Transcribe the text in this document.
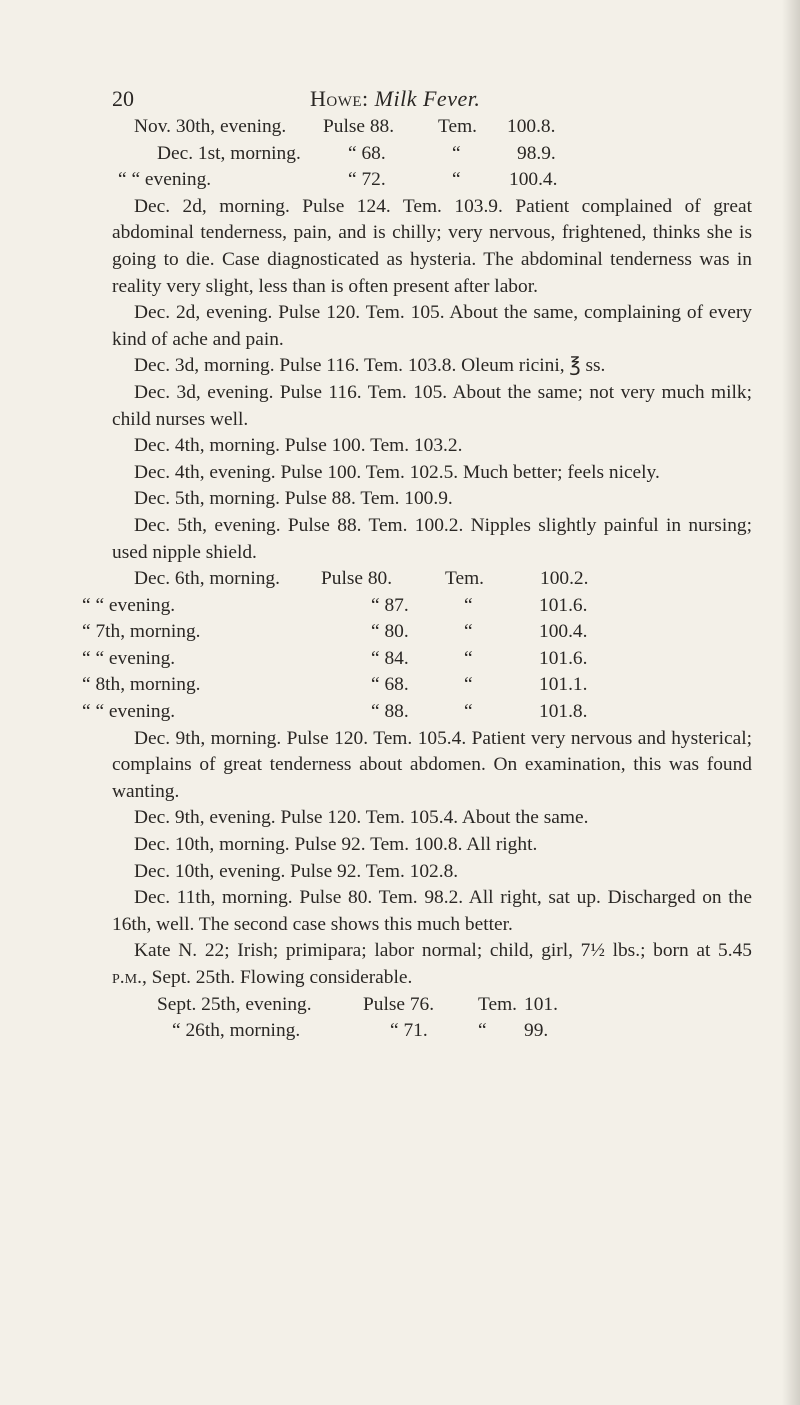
20	Howe: Milk Fever.
Nov. 30th, evening. Pulse 88. Tem. 100.8.
Dec. 1st, morning. “ 68.	“	98.9.
“ “ evening.	“ 72.	“ 100.4.

Dec. 2d, morning. Pulse 124. Tem. 103.9. Patient complained of great abdominal tenderness, pain, and is chilly; very nervous, frightened, thinks she is going to die. Case diagnosticated as hysteria. The abdominal tenderness was in reality very slight, less than is often present after labor.

Dec. 2d, evening. Pulse 120. Tem. 105. About the same, complaining of every kind of ache and pain.

Dec. 3d, morning. Pulse 116. Tem. 103.8. Oleum ricini, ℥ ss.

Dec. 3d, evening. Pulse 116. Tem. 105. About the same; not very much milk; child nurses well.

Dec. 4th, morning. Pulse 100. Tem. 103.2.

Dec. 4th, evening. Pulse 100. Tem. 102.5. Much better; feels nicely.

Dec. 5th, morning. Pulse 88. Tem. 100.9.

Dec. 5th, evening. Pulse 88. Tem. 100.2. Nipples slightly painful in nursing; used nipple shield.

Dec. 6th, morning. Pulse 80.	Tem.	100.2.
“ “ evening.	“ 87.	“	101.6.
“ 7th, morning.	“ 80.	“	100.4.
“ “ evening.	“ 84.	“	101.6.
“ 8th, morning.	“ 68.	“	101.1.
“ “ evening.	“ 88.	“	101.8.

Dec. 9th, morning. Pulse 120. Tem. 105.4. Patient very nervous and hysterical; complains of great tenderness about abdomen. On examination, this was found wanting.

Dec. 9th, evening. Pulse 120. Tem. 105.4. About the same.

Dec. 10th, morning. Pulse 92. Tem. 100.8. All right.

Dec. 10th, evening. Pulse 92. Tem. 102.8.

Dec. 11th, morning. Pulse 80. Tem. 98.2. All right, sat up. Discharged on the 16th, well. The second case shows this much better.

Kate N. 22; Irish; primipara; labor normal; child, girl, 7½ lbs.; born at 5.45 p.m., Sept. 25th. Flowing considerable.

Sept. 25th, evening.	Pulse 76. Tem. 101.
“ 26th, morning.	“ 71.	“ 99.
